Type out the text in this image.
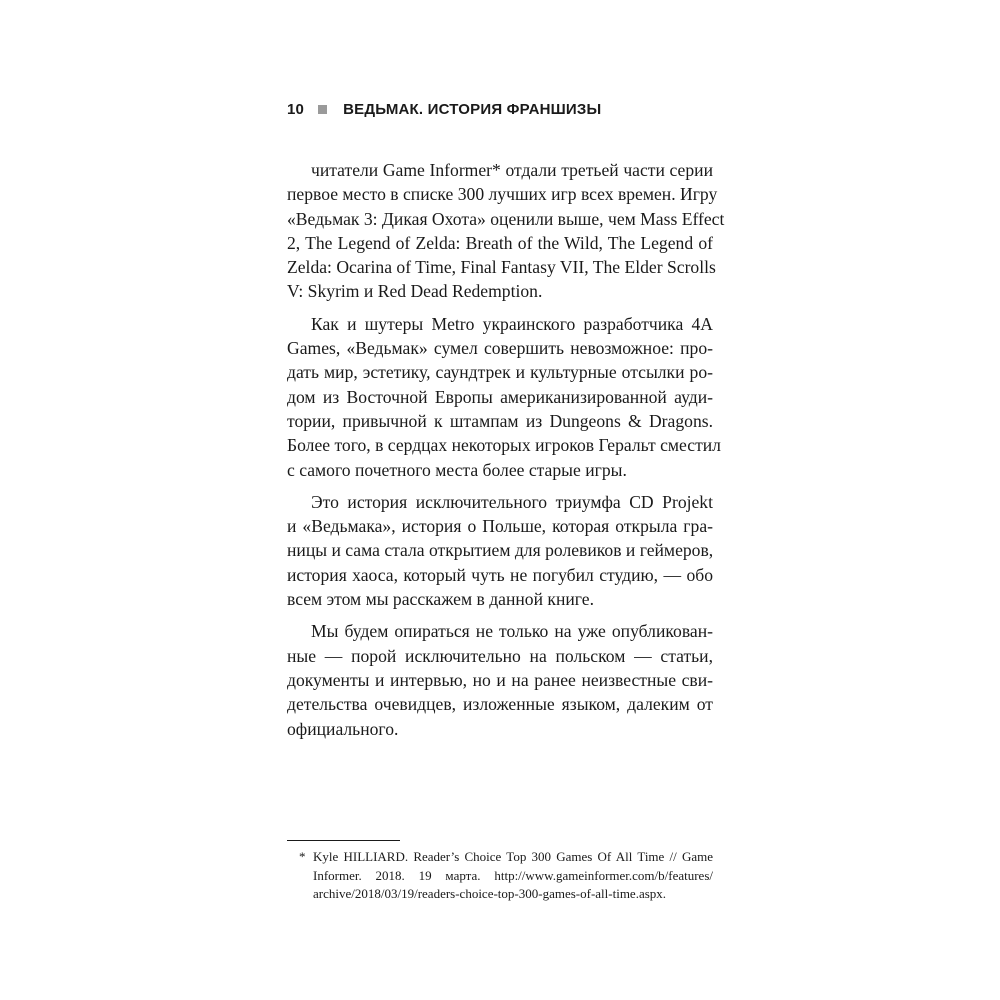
10	ВЕДЬМАК. ИСТОРИЯ ФРАНШИЗЫ

читатели Game Informer* отдали третьей части серии
первое место в списке 300 лучших игр всех времен. Игру
«Ведьмак 3: Дикая Охота» оценили выше, чем Mass Effect
2, The Legend of Zelda: Breath of the Wild, The Legend of
Zelda: Ocarina of Time, Final Fantasy VII, The Elder Scrolls
V: Skyrim и Red Dead Redemption.

Как и шутеры Metro украинского разработчика 4A
Games, «Ведьмак» сумел совершить невозможное: про-
дать мир, эстетику, саундтрек и культурные отсылки ро-
дом из Восточной Европы американизированной ауди-
тории, привычной к штампам из Dungeons & Dragons.
Более того, в сердцах некоторых игроков Геральт сместил
с самого почетного места более старые игры.

Это история исключительного триумфа CD Projekt
и «Ведьмака», история о Польше, которая открыла гра-
ницы и сама стала открытием для ролевиков и геймеров,
история хаоса, который чуть не погубил студию, — обо
всем этом мы расскажем в данной книге.

Мы будем опираться не только на уже опубликован-
ные — порой исключительно на польском — статьи,
документы и интервью, но и на ранее неизвестные сви-
детельства очевидцев, изложенные языком, далеким от
официального.

* Kyle HILLIARD. Reader’s Choice Top 300 Games Of All Time // Game
Informer. 2018. 19 марта. http://www.gameinformer.com/b/features/
archive/2018/03/19/readers-choice-top-300-games-of-all-time.aspx.
